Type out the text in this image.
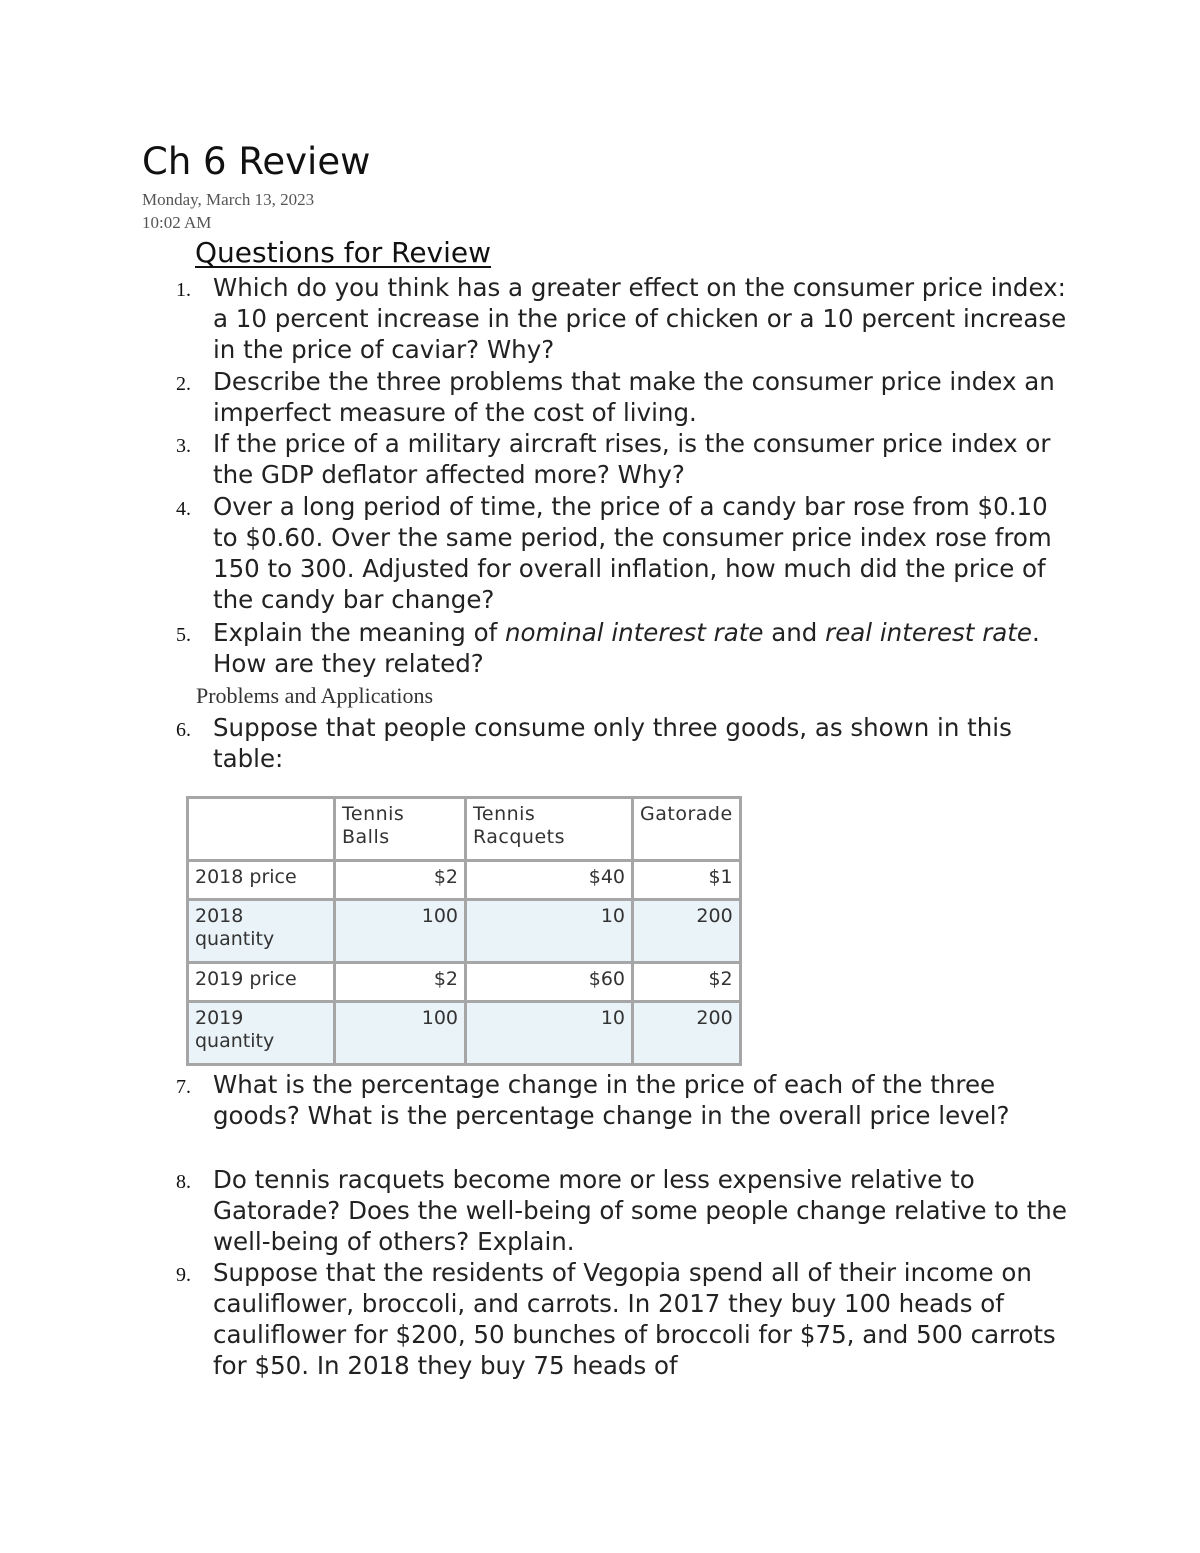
Ch 6 Review
Monday, March 13, 2023
10:02 AM
Questions for Review
1. Which do you think has a greater effect on the consumer price index: a 10 percent increase in the price of chicken or a 10 percent increase in the price of caviar? Why?
2. Describe the three problems that make the consumer price index an imperfect measure of the cost of living.
3. If the price of a military aircraft rises, is the consumer price index or the GDP deflator affected more? Why?
4. Over a long period of time, the price of a candy bar rose from $0.10 to $0.60. Over the same period, the consumer price index rose from 150 to 300. Adjusted for overall inflation, how much did the price of the candy bar change?
5. Explain the meaning of nominal interest rate and real interest rate. How are they related?
Problems and Applications
6. Suppose that people consume only three goods, as shown in this table:
	Tennis Balls	Tennis Racquets	Gatorade
2018 price	$2	$40	$1
2018 quantity	100	10	200
2019 price	$2	$60	$2
2019 quantity	100	10	200
7. What is the percentage change in the price of each of the three goods? What is the percentage change in the overall price level?
8. Do tennis racquets become more or less expensive relative to Gatorade? Does the well-being of some people change relative to the well-being of others? Explain.
9. Suppose that the residents of Vegopia spend all of their income on cauliflower, broccoli, and carrots. In 2017 they buy 100 heads of cauliflower for $200, 50 bunches of broccoli for $75, and 500 carrots for $50. In 2018 they buy 75 heads of
